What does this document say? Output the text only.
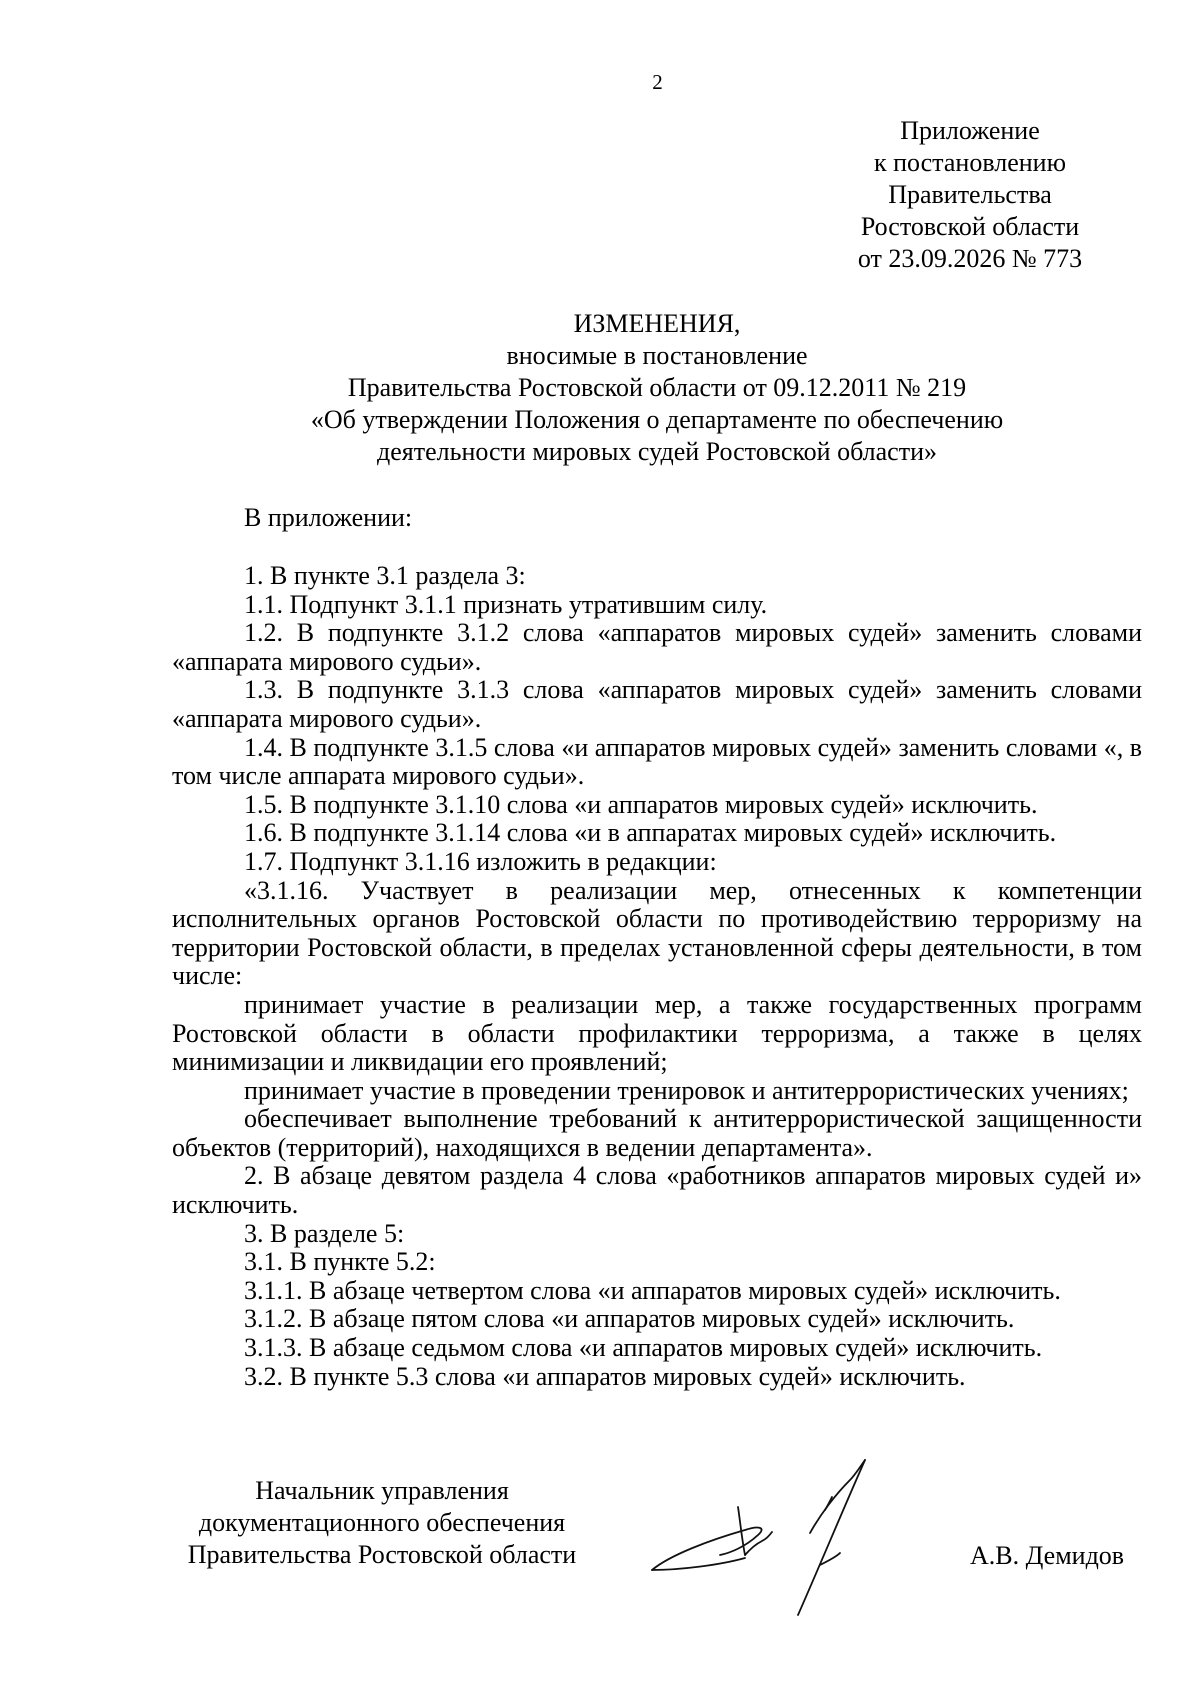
2
Приложение
к постановлению
Правительства
Ростовской области
от 23.09.2026 № 773
ИЗМЕНЕНИЯ,
вносимые в постановление
Правительства Ростовской области от 09.12.2011 № 219
«Об утверждении Положения о департаменте по обеспечению
деятельности мировых судей Ростовской области»
В приложении:

1. В пункте 3.1 раздела 3:

1.1. Подпункт 3.1.1 признать утратившим силу.

1.2. В подпункте 3.1.2 слова «аппаратов мировых судей» заменить словами «аппарата мирового судьи».

1.3. В подпункте 3.1.3 слова «аппаратов мировых судей» заменить словами «аппарата мирового судьи».

1.4. В подпункте 3.1.5 слова «и аппаратов мировых судей» заменить словами «, в том числе аппарата мирового судьи».

1.5. В подпункте 3.1.10 слова «и аппаратов мировых судей» исключить.

1.6. В подпункте 3.1.14 слова «и в аппаратах мировых судей» исключить.

1.7. Подпункт 3.1.16 изложить в редакции:

«3.1.16. Участвует в реализации мер, отнесенных к компетенции исполнительных органов Ростовской области по противодействию терроризму на территории Ростовской области, в пределах установленной сферы деятельности, в том числе:

принимает участие в реализации мер, а также государственных программ Ростовской области в области профилактики терроризма, а также в целях минимизации и ликвидации его проявлений;

принимает участие в проведении тренировок и антитеррористических учениях;

обеспечивает выполнение требований к антитеррористической защищенности объектов (территорий), находящихся в ведении департамента».

2. В абзаце девятом раздела 4 слова «работников аппаратов мировых судей и» исключить.

3. В разделе 5:

3.1. В пункте 5.2:

3.1.1. В абзаце четвертом слова «и аппаратов мировых судей» исключить.

3.1.2. В абзаце пятом слова «и аппаратов мировых судей» исключить.

3.1.3. В абзаце седьмом слова «и аппаратов мировых судей» исключить.

3.2. В пункте 5.3 слова «и аппаратов мировых судей» исключить.

Начальник управления
документационного обеспечения
Правительства Ростовской области	А.В. Демидов
